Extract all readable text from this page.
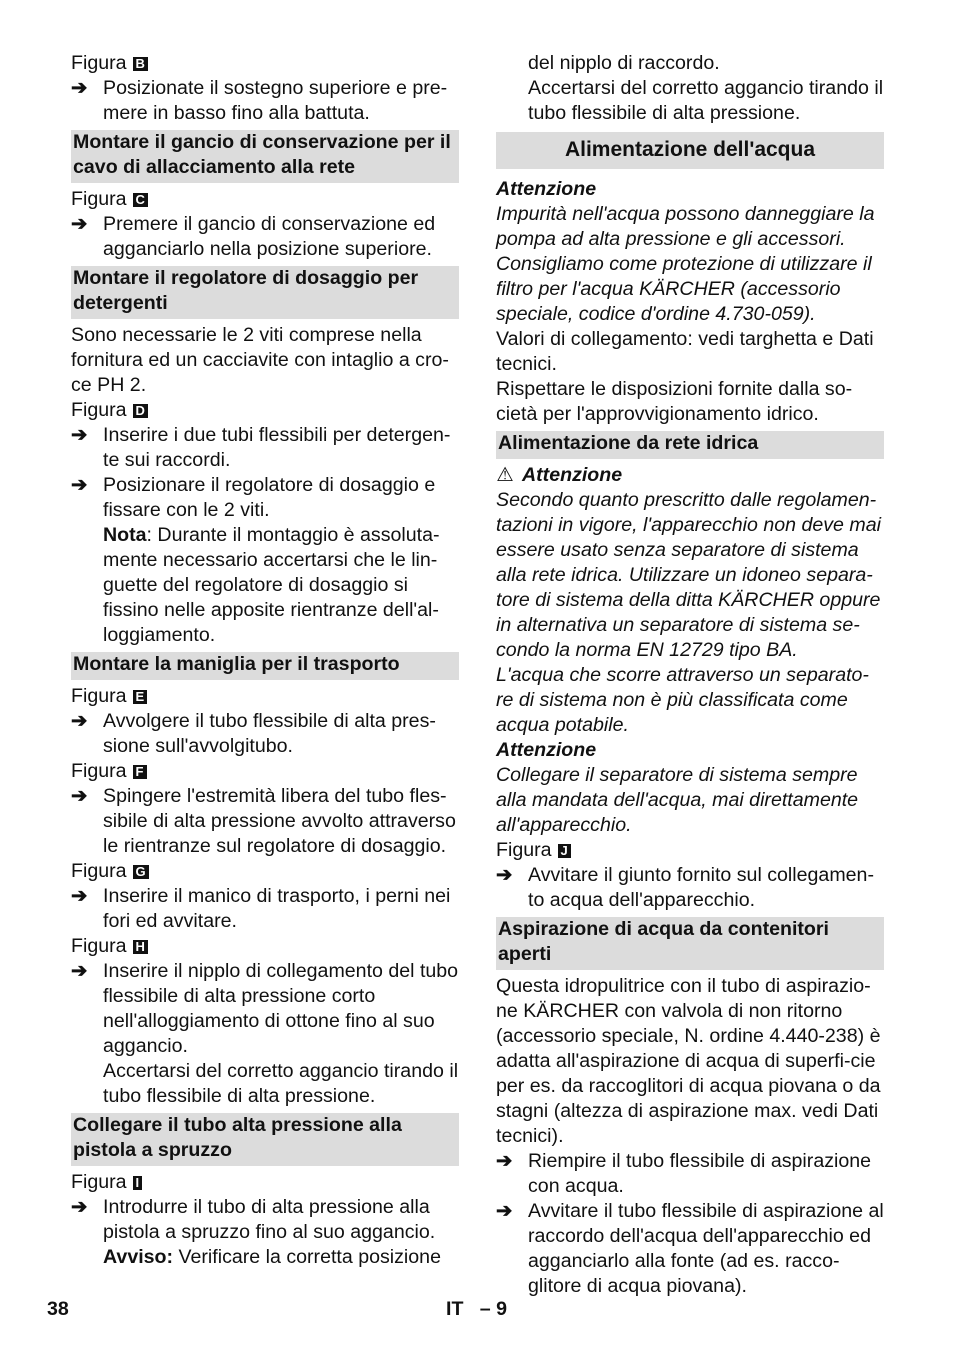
Figura B

➔ Posizionate il sostegno superiore e pre-mere in basso fino alla battuta.

Montare il gancio di conservazione per il cavo di allacciamento alla rete

Figura C

➔ Premere il gancio di conservazione ed agganciarlo nella posizione superiore.

Montare il regolatore di dosaggio per detergenti

Sono necessarie le 2 viti comprese nella fornitura ed un cacciavite con intaglio a cro-ce PH 2.

Figura D

➔ Inserire i due tubi flessibili per detergen-te sui raccordi.

➔ Posizionare il regolatore di dosaggio e fissare con le 2 viti.

Nota: Durante il montaggio è assoluta-mente necessario accertarsi che le lin-guette del regolatore di dosaggio si fissino nelle apposite rientranze dell'al-loggiamento.

Montare la maniglia per il trasporto

Figura E

➔ Avvolgere il tubo flessibile di alta pres-sione sull'avvolgitubo.

Figura F

➔ Spingere l'estremità libera del tubo fles-sibile di alta pressione avvolto attraverso le rientranze sul regolatore di dosaggio.

Figura G

➔ Inserire il manico di trasporto, i perni nei fori ed avvitare.

Figura H

➔ Inserire il nipplo di collegamento del tubo flessibile di alta pressione corto nell'alloggiamento di ottone fino al suo aggancio.

Accertarsi del corretto aggancio tirando il tubo flessibile di alta pressione.

Collegare il tubo alta pressione alla pistola a spruzzo

Figura I

➔ Introdurre il tubo di alta pressione alla pistola a spruzzo fino al suo aggancio.

Avviso: Verificare la corretta posizione

del nipplo di raccordo.

Accertarsi del corretto aggancio tirando il tubo flessibile di alta pressione.

Alimentazione dell'acqua

Attenzione

Impurità nell'acqua possono danneggiare la pompa ad alta pressione e gli accessori. Consigliamo come protezione di utilizzare il filtro per l'acqua KÄRCHER (accessorio speciale, codice d'ordine 4.730-059).

Valori di collegamento: vedi targhetta e Dati tecnici.

Rispettare le disposizioni fornite dalla so-cietà per l'approvvigionamento idrico.

Alimentazione da rete idrica

⚠ Attenzione

Secondo quanto prescritto dalle regolamen-tazioni in vigore, l'apparecchio non deve mai essere usato senza separatore di sistema alla rete idrica. Utilizzare un idoneo separa-tore di sistema della ditta KÄRCHER oppure in alternativa un separatore di sistema se-condo la norma EN 12729 tipo BA.

L'acqua che scorre attraverso un separato-re di sistema non è più classificata come acqua potabile.

Attenzione

Collegare il separatore di sistema sempre alla mandata dell'acqua, mai direttamente all'apparecchio.

Figura J

➔ Avvitare il giunto fornito sul collegamen-to acqua dell'apparecchio.

Aspirazione di acqua da contenitori aperti

Questa idropulitrice con il tubo di aspirazio-ne KÄRCHER con valvola di non ritorno (accessorio speciale, N. ordine 4.440-238) è adatta all'aspirazione di acqua di superfi-cie per es. da raccoglitori di acqua piovana o da stagni (altezza di aspirazione max. vedi Dati tecnici).

➔ Riempire il tubo flessibile di aspirazione con acqua.

➔ Avvitare il tubo flessibile di aspirazione al raccordo dell'acqua dell'apparecchio ed agganciarlo alla fonte (ad es. racco-glitore di acqua piovana).

38	IT   – 9
